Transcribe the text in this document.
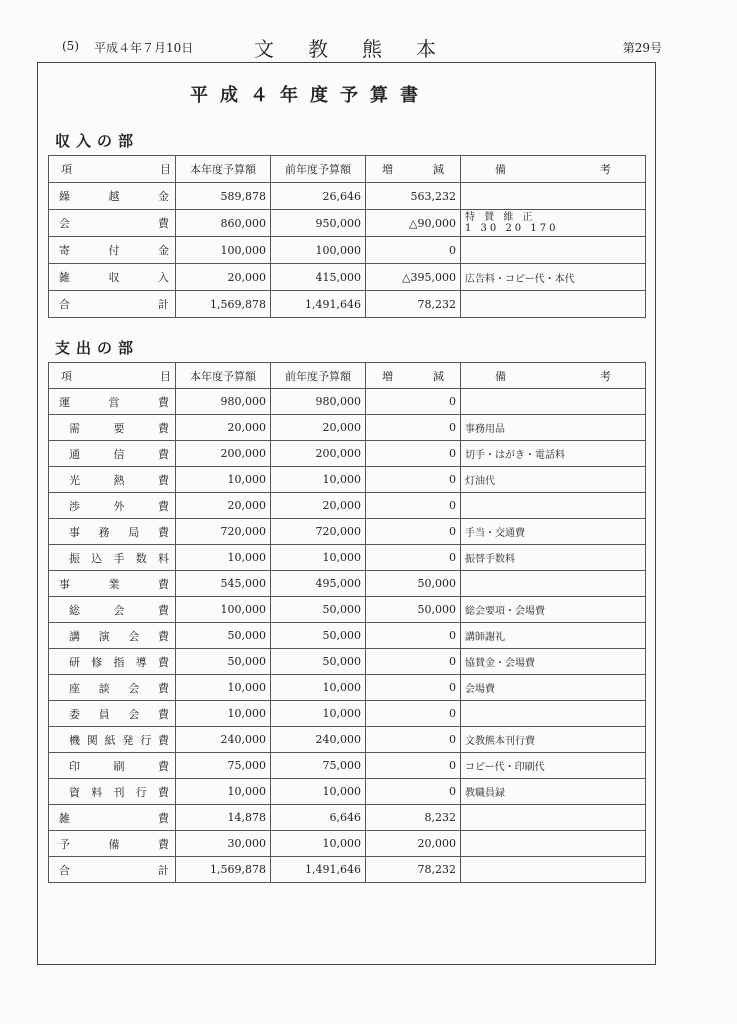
(5) 平成４年７月10日	文教熊本	第29号
平成４年度予算書
収入の部
項 目	本年度予算額	前年度予算額	増 減	備 考

繰越金	589,878	26,646	563,232	
会費	860,000	950,000	△90,000	特 賛 維 正
1 30 20 170

寄付金	100,000	100,000	0	
雑収入	20,000	415,000	△395,000	広告料・コピー代・本代
合計	1,569,878	1,491,646	78,232	
支出の部
項 目	本年度予算額	前年度予算額	増 減	備 考

運営費	980,000	980,000	0	
需要費	20,000	20,000	0	事務用品
通信費	200,000	200,000	0	切手・はがき・電話料
光熱費	10,000	10,000	0	灯油代
渉外費	20,000	20,000	0	
事務局費	720,000	720,000	0	手当・交通費
振込手数料	10,000	10,000	0	振替手数料
事業費	545,000	495,000	50,000	
総会費	100,000	50,000	50,000	総会要項・会場費
講演会費	50,000	50,000	0	講師謝礼
研修指導費	50,000	50,000	0	協賛金・会場費
座談会費	10,000	10,000	0	会場費
委員会費	10,000	10,000	0	
機関紙発行費	240,000	240,000	0	文教熊本刊行費
印刷費	75,000	75,000	0	コピー代・印刷代
資料刊行費	10,000	10,000	0	教職員録
雑費	14,878	6,646	8,232	
予備費	30,000	10,000	20,000	
合計	1,569,878	1,491,646	78,232	
